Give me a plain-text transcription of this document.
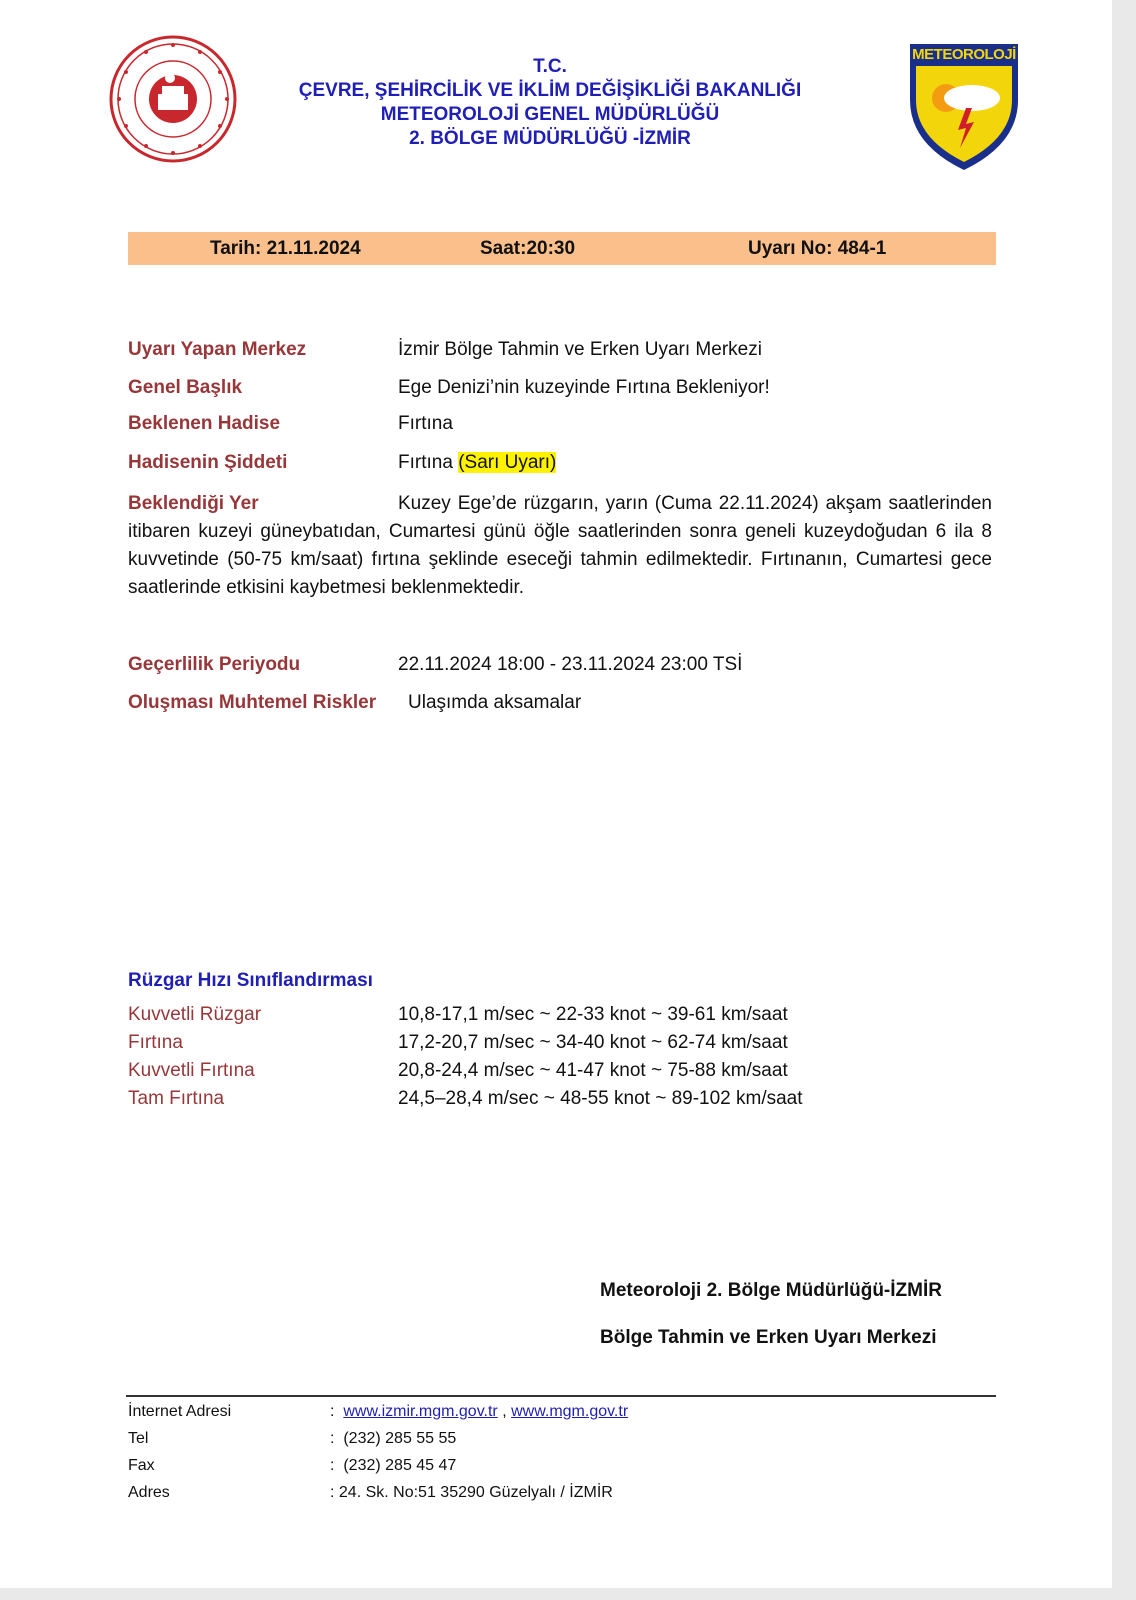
METEOROLOJİ
T.C.
ÇEVRE, ŞEHİRCİLİK VE İKLİM DEĞİŞİKLİĞİ BAKANLIĞI
METEOROLOJİ GENEL MÜDÜRLÜĞÜ
2. BÖLGE MÜDÜRLÜĞÜ -İZMİR
Tarih: 21.11.2024	Saat:20:30	Uyarı No: 484-1
Uyarı Yapan Merkez	İzmir Bölge Tahmin ve Erken Uyarı Merkezi
Genel Başlık	Ege Denizi’nin kuzeyinde Fırtına Bekleniyor!
Beklenen Hadise	Fırtına
Hadisenin Şiddeti	Fırtına (Sarı Uyarı)
Beklendiği Yer	Kuzey Ege’de rüzgarın, yarın (Cuma 22.11.2024) akşam saatlerinden itibaren kuzeyi güneybatıdan, Cumartesi günü öğle saatlerinden sonra geneli kuzeydoğudan 6 ila 8 kuvvetinde (50-75 km/saat) fırtına şeklinde eseceği tahmin edilmektedir. Fırtınanın, Cumartesi gece saatlerinde etkisini kaybetmesi beklenmektedir.
Geçerlilik Periyodu	22.11.2024 18:00 - 23.11.2024 23:00 TSİ
Oluşması Muhtemel Riskler Ulaşımda aksamalar
Rüzgar Hızı Sınıflandırması
Kuvvetli Rüzgar	10,8-17,1 m/sec ~ 22-33 knot ~ 39-61 km/saat
Fırtına	17,2-20,7 m/sec ~ 34-40 knot ~ 62-74 km/saat
Kuvvetli Fırtına	20,8-24,4 m/sec ~ 41-47 knot ~ 75-88 km/saat
Tam Fırtına	24,5–28,4 m/sec ~ 48-55 knot ~ 89-102 km/saat
Meteoroloji 2. Bölge Müdürlüğü-İZMİR
Bölge Tahmin ve Erken Uyarı Merkezi
İnternet Adresi	: www.izmir.mgm.gov.tr , www.mgm.gov.tr
Tel	: (232) 285 55 55
Fax	: (232) 285 45 47
Adres	: 24. Sk. No:51 35290 Güzelyalı / İZMİR
